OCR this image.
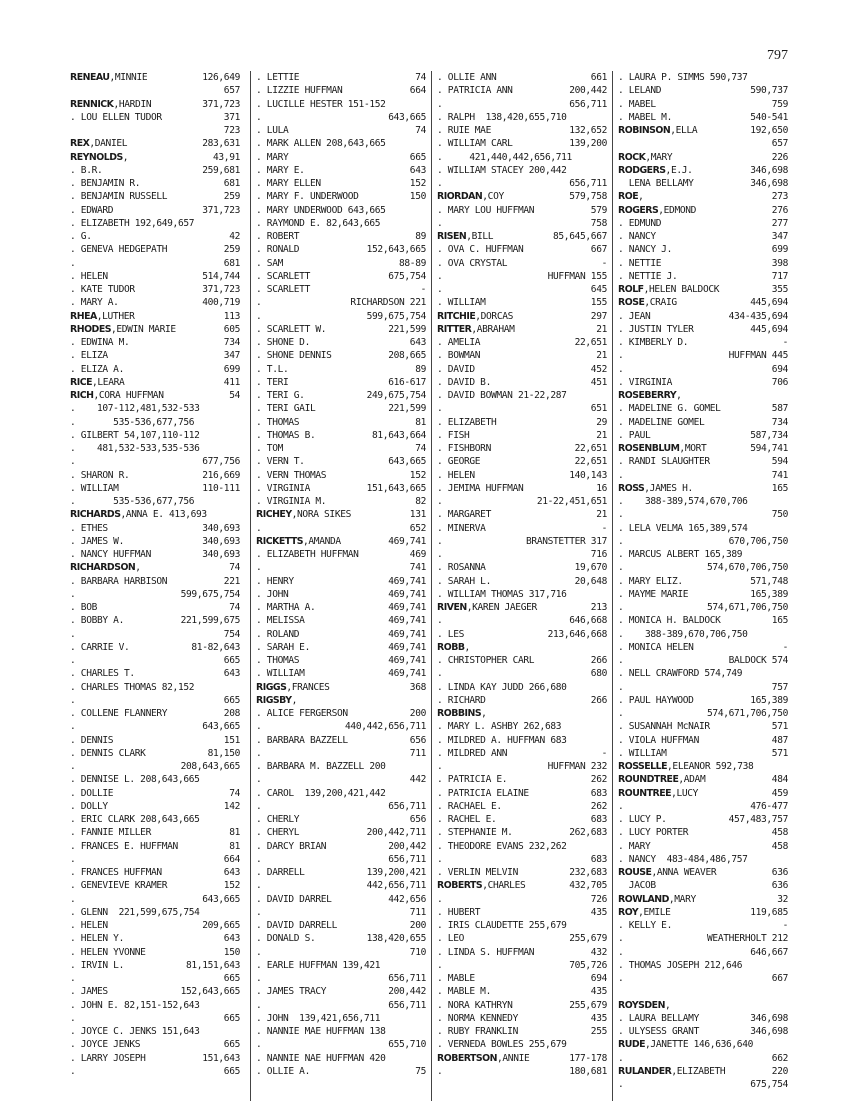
797
RENEAU,MINNIE	126,649
657
RENNICK,HARDIN	371,723
. LOU ELLEN TUDOR	371
723
REX,DANIEL	283,631
REYNOLDS,	43,91
. B.R.	259,681
. BENJAMIN R.	681
. BENJAMIN RUSSELL	259
. EDWARD	371,723
. ELIZABETH 192,649,657
. G.	42
. GENEVA HEDGEPATH	259
.	681
. HELEN	514,744
. KATE TUDOR	371,723
. MARY A.	400,719
RHEA,LUTHER	113
RHODES,EDWIN MARIE	605
. EDWINA M.	734
. ELIZA	347
. ELIZA A.	699
RICE,LEARA	411
RICH,CORA HUFFMAN	54
.    107-112,481,532-533
.       535-536,677,756
. GILBERT 54,107,110-112
.    481,532-533,535-536
.	677,756
. SHARON R.	216,669
. WILLIAM	110-111
.       535-536,677,756
RICHARDS,ANNA E. 413,693
. ETHES	340,693
. JAMES W.	340,693
. NANCY HUFFMAN	340,693
RICHARDSON,	74
. BARBARA HARBISON	221
.	599,675,754
. BOB	74
. BOBBY A.	221,599,675
.	754
. CARRIE V.	81-82,643
.	665
. CHARLES T.	643
. CHARLES THOMAS 82,152
.	665
. COLLENE FLANNERY	208
.	643,665
. DENNIS	151
. DENNIS CLARK	81,150
.	208,643,665
. DENNISE L. 208,643,665
. DOLLIE	74
. DOLLY	142
. ERIC CLARK 208,643,665
. FANNIE MILLER	81
. FRANCES E. HUFFMAN	81
.	664
. FRANCES HUFFMAN	643
. GENEVIEVE KRAMER	152
.	643,665
. GLENN  221,599,675,754
. HELEN	209,665
. HELEN Y.	643
. HELEN YVONNE	150
. IRVIN L.	81,151,643
.	665
. JAMES	152,643,665
. JOHN E. 82,151-152,643
.	665
. JOYCE C. JENKS 151,643
. JOYCE JENKS	665
. LARRY JOSEPH	151,643
.	665
. LETTIE	74
. LIZZIE HUFFMAN	664
. LUCILLE HESTER 151-152
.	643,665
. LULA	74
. MARK ALLEN 208,643,665
. MARY	665
. MARY E.	643
. MARY ELLEN	152
. MARY F. UNDERWOOD	150
. MARY UNDERWOOD 643,665
. RAYMOND E. 82,643,665
. ROBERT	89
. RONALD	152,643,665
. SAM	88-89
. SCARLETT	675,754
. SCARLETT	-
.	RICHARDSON 221
.	599,675,754
. SCARLETT W.	221,599
. SHONE D.	643
. SHONE DENNIS	208,665
. T.L.	89
. TERI	616-617
. TERI G.	249,675,754
. TERI GAIL	221,599
. THOMAS	81
. THOMAS B.	81,643,664
. TOM	74
. VERN T.	643,665
. VERN THOMAS	152
. VIRGINIA	151,643,665
. VIRGINIA M.	82
RICHEY,NORA SIKES	131
.	652
RICKETTS,AMANDA	469,741
. ELIZABETH HUFFMAN	469
.	741
. HENRY	469,741
. JOHN	469,741
. MARTHA A.	469,741
. MELISSA	469,741
. ROLAND	469,741
. SARAH E.	469,741
. THOMAS	469,741
. WILLIAM	469,741
RIGGS,FRANCES	368
RIGSBY,
. ALICE FERGERSON	200
.	440,442,656,711
. BARBARA BAZZELL	656
.	711
. BARBARA M. BAZZELL 200
.	442
. CAROL  139,200,421,442
.	656,711
. CHERLY	656
. CHERYL	200,442,711
. DARCY BRIAN	200,442
.	656,711
. DARRELL	139,200,421
.	442,656,711
. DAVID DARREL	442,656
.	711
. DAVID DARRELL	200
. DONALD S.	138,420,655
.	710
. EARLE HUFFMAN 139,421
.	656,711
. JAMES TRACY	200,442
.	656,711
. JOHN  139,421,656,711
. NANNIE MAE HUFFMAN 138
.	655,710
. NANNIE NAE HUFFMAN 420
. OLLIE A.	75
. OLLIE ANN	661
. PATRICIA ANN	200,442
.	656,711
. RALPH  138,420,655,710
. RUIE MAE	132,652
. WILLIAM CARL	139,200
.     421,440,442,656,711
. WILLIAM STACEY 200,442
.	656,711
RIORDAN,COY	579,758
. MARY LOU HUFFMAN	579
.	758
RISEN,BILL	85,645,667
. OVA C. HUFFMAN	667
. OVA CRYSTAL	-
.	HUFFMAN 155
.	645
. WILLIAM	155
RITCHIE,DORCAS	297
RITTER,ABRAHAM	21
. AMELIA	22,651
. BOWMAN	21
. DAVID	452
. DAVID B.	451
. DAVID BOWMAN 21-22,287
.	651
. ELIZABETH	29
. FISH	21
. FISHBORN	22,651
. GEORGE	22,651
. HELEN	140,143
. JEMIMA HUFFMAN	16
.	21-22,451,651
. MARGARET	21
. MINERVA	-
.	BRANSTETTER 317
.	716
. ROSANNA	19,670
. SARAH L.	20,648
. WILLIAM THOMAS 317,716
RIVEN,KAREN JAEGER	213
.	646,668
. LES	213,646,668
ROBB,
. CHRISTOPHER CARL	266
.	680
. LINDA KAY JUDD 266,680
. RICHARD	266
ROBBINS,
. MARY L. ASHBY 262,683
. MILDRED A. HUFFMAN 683
. MILDRED ANN	-
.	HUFFMAN 232
. PATRICIA E.	262
. PATRICIA ELAINE	683
. RACHAEL E.	262
. RACHEL E.	683
. STEPHANIE M.	262,683
. THEODORE EVANS 232,262
.	683
. VERLIN MELVIN	232,683
ROBERTS,CHARLES	432,705
.	726
. HUBERT	435
. IRIS CLAUDETTE 255,679
. LEO	255,679
. LINDA S. HUFFMAN	432
.	705,726
. MABLE	694
. MABLE M.	435
. NORA KATHRYN	255,679
. NORMA KENNEDY	435
. RUBY FRANKLIN	255
. VERNEDA BOWLES 255,679
ROBERTSON,ANNIE	177-178
.	180,681
. LAURA P. SIMMS 590,737
. LELAND	590,737
. MABEL	759
. MABEL M.	540-541
ROBINSON,ELLA	192,650
657
ROCK,MARY	226
RODGERS,E.J.	346,698
LENA BELLAMY	346,698
ROE,	273
ROGERS,EDMOND	276
. EDMUND	277
. NANCY	347
. NANCY J.	699
. NETTIE	398
. NETTIE J.	717
ROLF,HELEN BALDOCK	355
ROSE,CRAIG	445,694
. JEAN	434-435,694
. JUSTIN TYLER	445,694
. KIMBERLY D.	-
.	HUFFMAN 445
.	694
. VIRGINIA	706
ROSEBERRY,
. MADELINE G. GOMEL	587
. MADELINE GOMEL	734
. PAUL	587,734
ROSENBLUM,MORT	594,741
. RANDI SLAUGHTER	594
.	741
ROSS,JAMES H.	165
.    388-389,574,670,706
.	750
. LELA VELMA 165,389,574
.	670,706,750
. MARCUS ALBERT 165,389
.	574,670,706,750
. MARY ELIZ.	571,748
. MAYME MARIE	165,389
.	574,671,706,750
. MONICA H. BALDOCK	165
.    388-389,670,706,750
. MONICA HELEN	-
.	BALDOCK 574
. NELL CRAWFORD 574,749
.	757
. PAUL HAYWOOD	165,389
.	574,671,706,750
. SUSANNAH McNAIR	571
. VIOLA HUFFMAN	487
. WILLIAM	571
ROSSELLE,ELEANOR 592,738
ROUNDTREE,ADAM	484
ROUNTREE,LUCY	459
.	476-477
. LUCY P.	457,483,757
. LUCY PORTER	458
. MARY	458
. NANCY  483-484,486,757
ROUSE,ANNA WEAVER	636
JACOB	636
ROWLAND,MARY	32
ROY,EMILE	119,685
. KELLY E.	-
.	WEATHERHOLT 212
.	646,667
. THOMAS JOSEPH 212,646
.	667
ROYSDEN,
. LAURA BELLAMY	346,698
. ULYSESS GRANT	346,698
RUDE,JANETTE 146,636,640
.	662
RULANDER,ELIZABETH	220
.	675,754
